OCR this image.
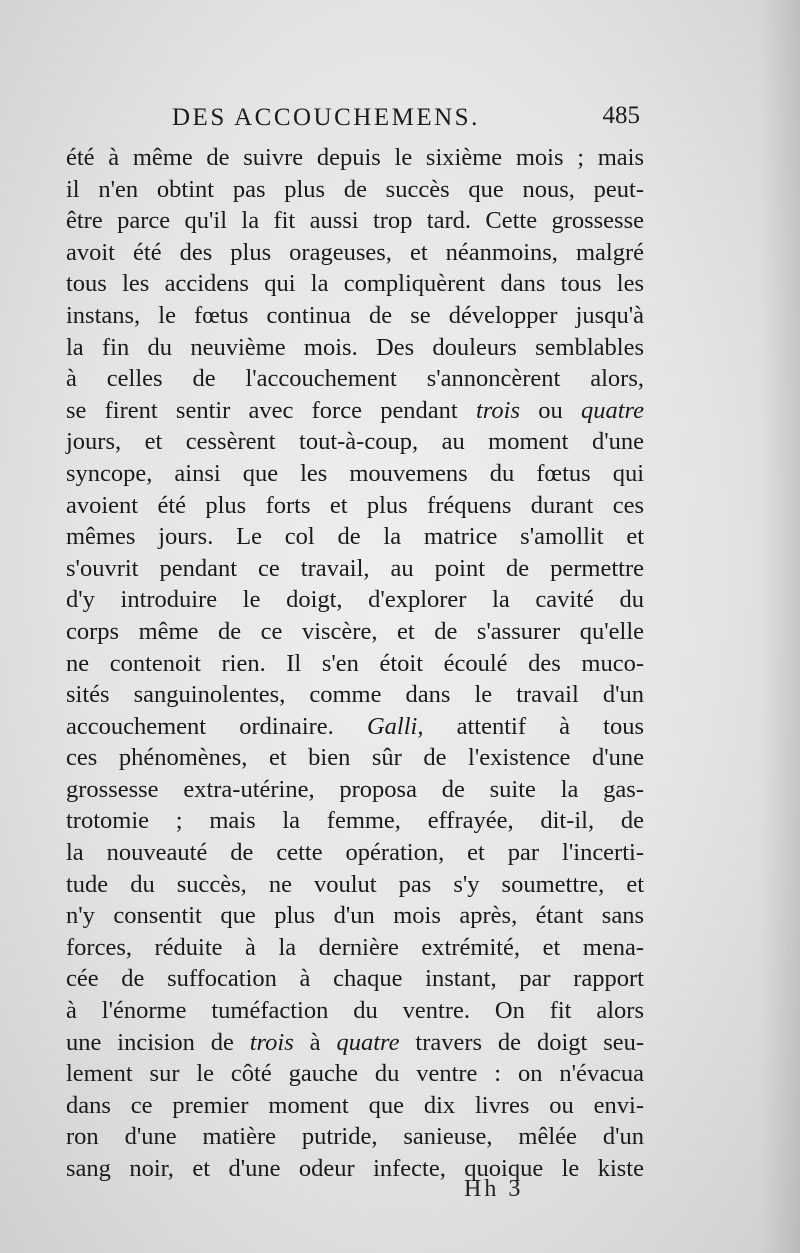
DES ACCOUCHEMENS.	485
été à même de suivre depuis le sixième mois ; mais
il n'en obtint pas plus de succès que nous, peut-
être parce qu'il la fit aussi trop tard. Cette grossesse
avoit été des plus orageuses, et néanmoins, malgré
tous les accidens qui la compliquèrent dans tous les
instans, le fœtus continua de se développer jusqu'à
la fin du neuvième mois. Des douleurs semblables
à celles de l'accouchement s'annoncèrent alors,
se firent sentir avec force pendant trois ou quatre
jours, et cessèrent tout-à-coup, au moment d'une
syncope, ainsi que les mouvemens du fœtus qui
avoient été plus forts et plus fréquens durant ces
mêmes jours. Le col de la matrice s'amollit et
s'ouvrit pendant ce travail, au point de permettre
d'y introduire le doigt, d'explorer la cavité du
corps même de ce viscère, et de s'assurer qu'elle
ne contenoit rien. Il s'en étoit écoulé des muco-
sités sanguinolentes, comme dans le travail d'un
accouchement ordinaire. Galli, attentif à tous
ces phénomènes, et bien sûr de l'existence d'une
grossesse extra-utérine, proposa de suite la gas-
trotomie ; mais la femme, effrayée, dit-il, de
la nouveauté de cette opération, et par l'incerti-
tude du succès, ne voulut pas s'y soumettre, et
n'y consentit que plus d'un mois après, étant sans
forces, réduite à la dernière extrémité, et mena-
cée de suffocation à chaque instant, par rapport
à l'énorme tuméfaction du ventre. On fit alors
une incision de trois à quatre travers de doigt seu-
lement sur le côté gauche du ventre : on n'évacua
dans ce premier moment que dix livres ou envi-
ron d'une matière putride, sanieuse, mêlée d'un
sang noir, et d'une odeur infecte, quoique le kiste
Hh 3
